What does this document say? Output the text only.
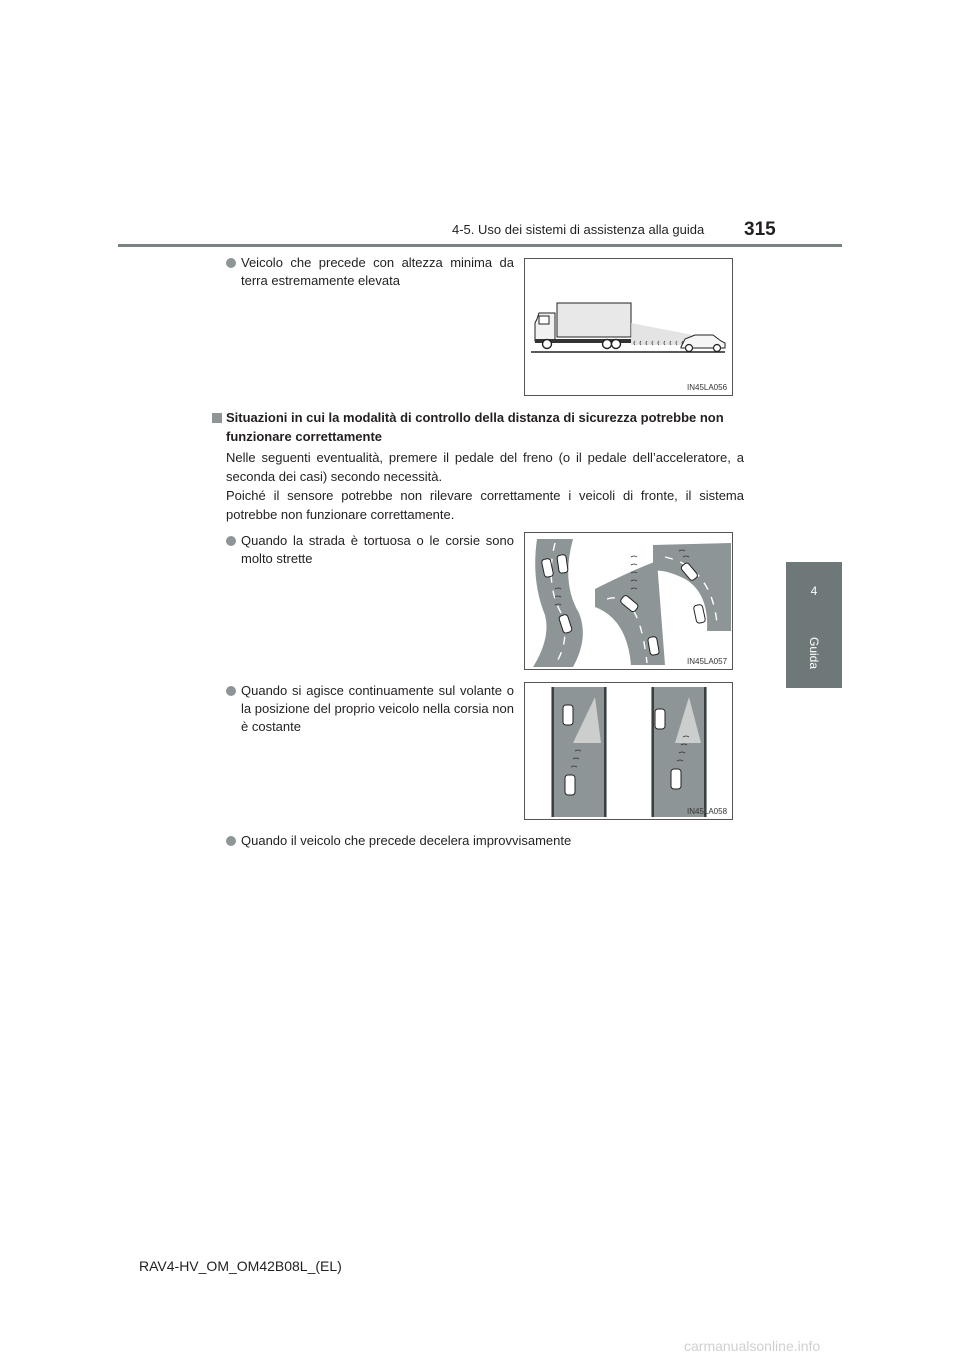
4-5. Uso dei sistemi di assistenza alla guida 315
4
Guida
Veicolo che precede con altezza minima da terra estremamente elevata
IN45LA056
Situazioni in cui la modalità di controllo della distanza di sicurezza potrebbe non funzionare correttamente
Nelle seguenti eventualità, premere il pedale del freno (o il pedale dell’acceleratore, a seconda dei casi) secondo necessità.
Poiché il sensore potrebbe non rilevare correttamente i veicoli di fronte, il sistema potrebbe non funzionare correttamente.
Quando la strada è tortuosa o le corsie sono molto strette
IN45LA057
Quando si agisce continuamente sul volante o la posizione del proprio veicolo nella corsia non è costante
IN45LA058
Quando il veicolo che precede decelera improvvisamente
RAV4-HV_OM_OM42B08L_(EL)
carmanualsonline.info
